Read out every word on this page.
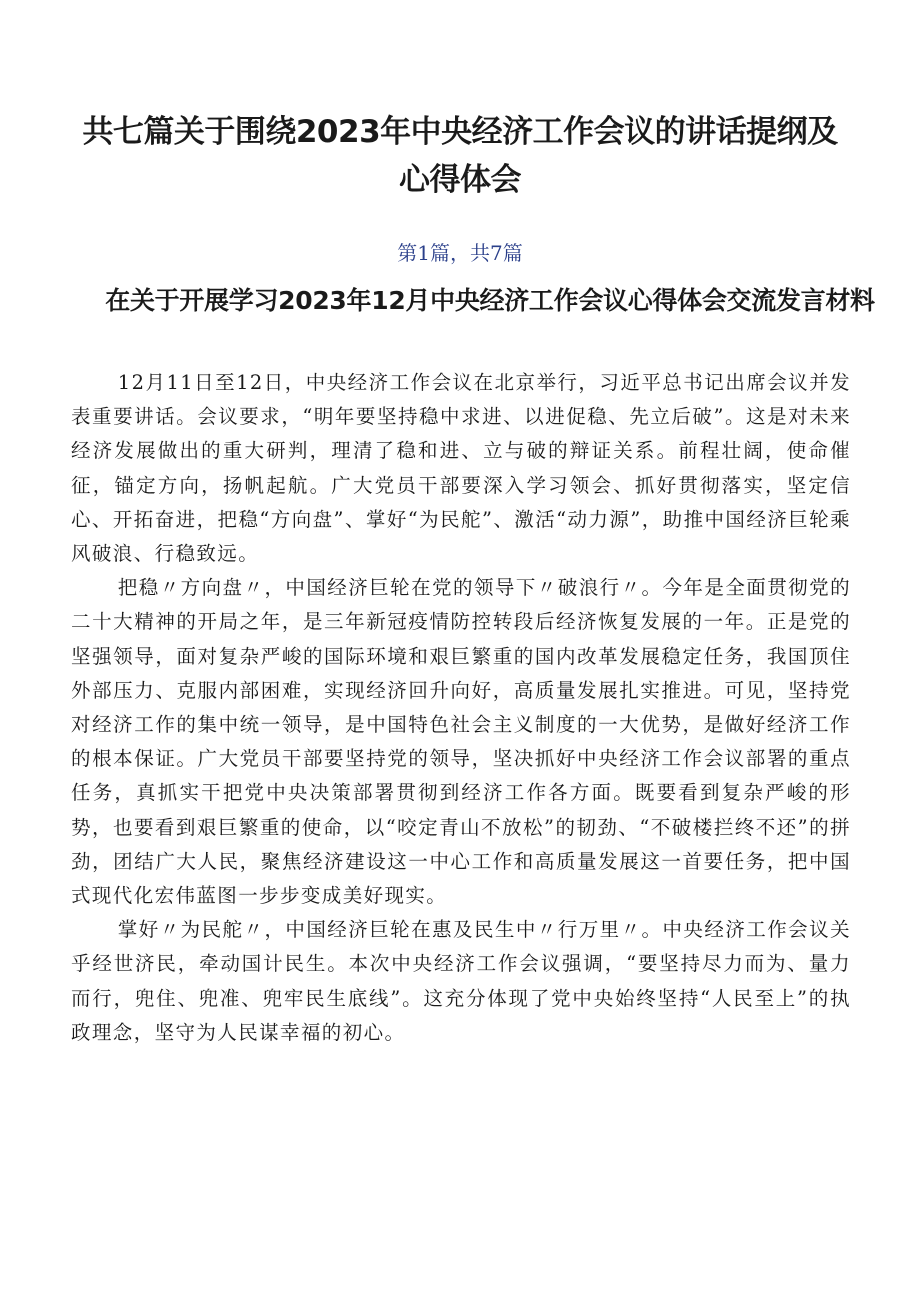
共七篇关于围绕2023年中央经济工作会议的讲话提纲及心得体会
第1篇，共7篇
在关于开展学习2023年12月中央经济工作会议心得体会交流发言材料

12月11日至12日，中央经济工作会议在北京举行，习近平总书记出席会议并发表重要讲话。会议要求，“明年要坚持稳中求进、以进促稳、先立后破”。这是对未来经济发展做出的重大研判，理清了稳和进、立与破的辩证关系。前程壮阔，使命催征，锚定方向，扬帆起航。广大党员干部要深入学习领会、抓好贯彻落实，坚定信心、开拓奋进，把稳“方向盘”、掌好“为民舵”、激活“动力源”，助推中国经济巨轮乘风破浪、行稳致远。

把稳〃方向盘〃，中国经济巨轮在党的领导下〃破浪行〃。今年是全面贯彻党的二十大精神的开局之年，是三年新冠疫情防控转段后经济恢复发展的一年。正是党的坚强领导，面对复杂严峻的国际环境和艰巨繁重的国内改革发展稳定任务，我国顶住外部压力、克服内部困难，实现经济回升向好，高质量发展扎实推进。可见，坚持党对经济工作的集中统一领导，是中国特色社会主义制度的一大优势，是做好经济工作的根本保证。广大党员干部要坚持党的领导，坚决抓好中央经济工作会议部署的重点任务，真抓实干把党中央决策部署贯彻到经济工作各方面。既要看到复杂严峻的形势，也要看到艰巨繁重的使命，以“咬定青山不放松”的韧劲、“不破楼拦终不还”的拼劲，团结广大人民，聚焦经济建设这一中心工作和高质量发展这一首要任务，把中国式现代化宏伟蓝图一步步变成美好现实。

掌好〃为民舵〃，中国经济巨轮在惠及民生中〃行万里〃。中央经济工作会议关乎经世济民，牵动国计民生。本次中央经济工作会议强调，“要坚持尽力而为、量力而行，兜住、兜准、兜牢民生底线”。这充分体现了党中央始终坚持“人民至上”的执政理念，坚守为人民谋幸福的初心。
